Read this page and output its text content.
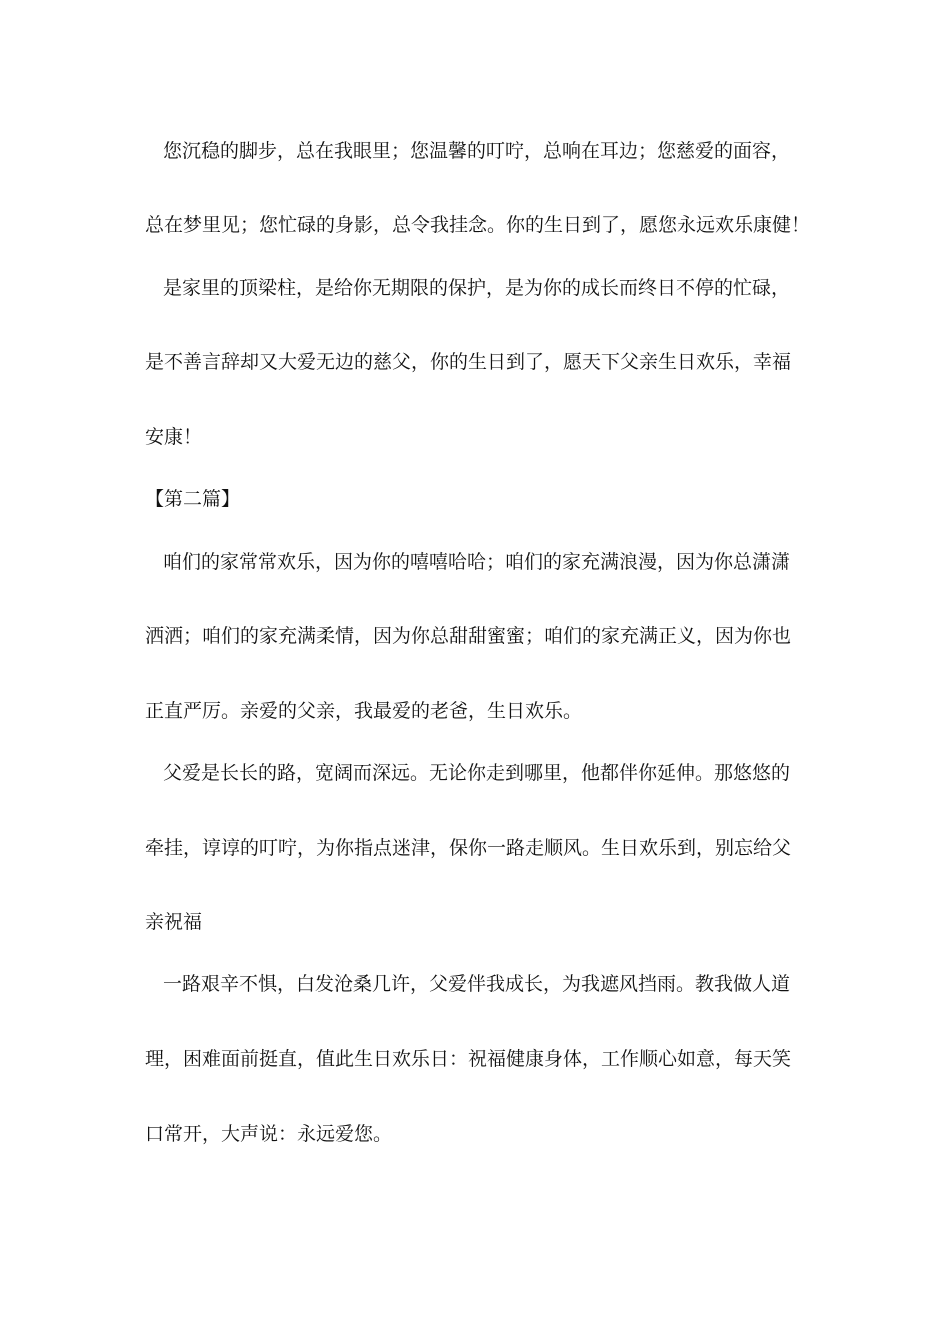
您沉稳的脚步，总在我眼里；您温馨的叮咛，总响在耳边；您慈爱的面容，
总在梦里见；您忙碌的身影，总令我挂念。你的生日到了，愿您永远欢乐康健！
是家里的顶梁柱，是给你无期限的保护，是为你的成长而终日不停的忙碌，
是不善言辞却又大爱无边的慈父，你的生日到了，愿天下父亲生日欢乐，幸福
安康！
【第二篇】
咱们的家常常欢乐，因为你的嘻嘻哈哈；咱们的家充满浪漫，因为你总潇潇
洒洒；咱们的家充满柔情，因为你总甜甜蜜蜜；咱们的家充满正义，因为你也
正直严厉。亲爱的父亲，我最爱的老爸，生日欢乐。
父爱是长长的路，宽阔而深远。无论你走到哪里，他都伴你延伸。那悠悠的
牵挂，谆谆的叮咛，为你指点迷津，保你一路走顺风。生日欢乐到，别忘给父
亲祝福
一路艰辛不惧，白发沧桑几许，父爱伴我成长，为我遮风挡雨。教我做人道
理，困难面前挺直，值此生日欢乐日：祝福健康身体，工作顺心如意，每天笑
口常开，大声说：永远爱您。
